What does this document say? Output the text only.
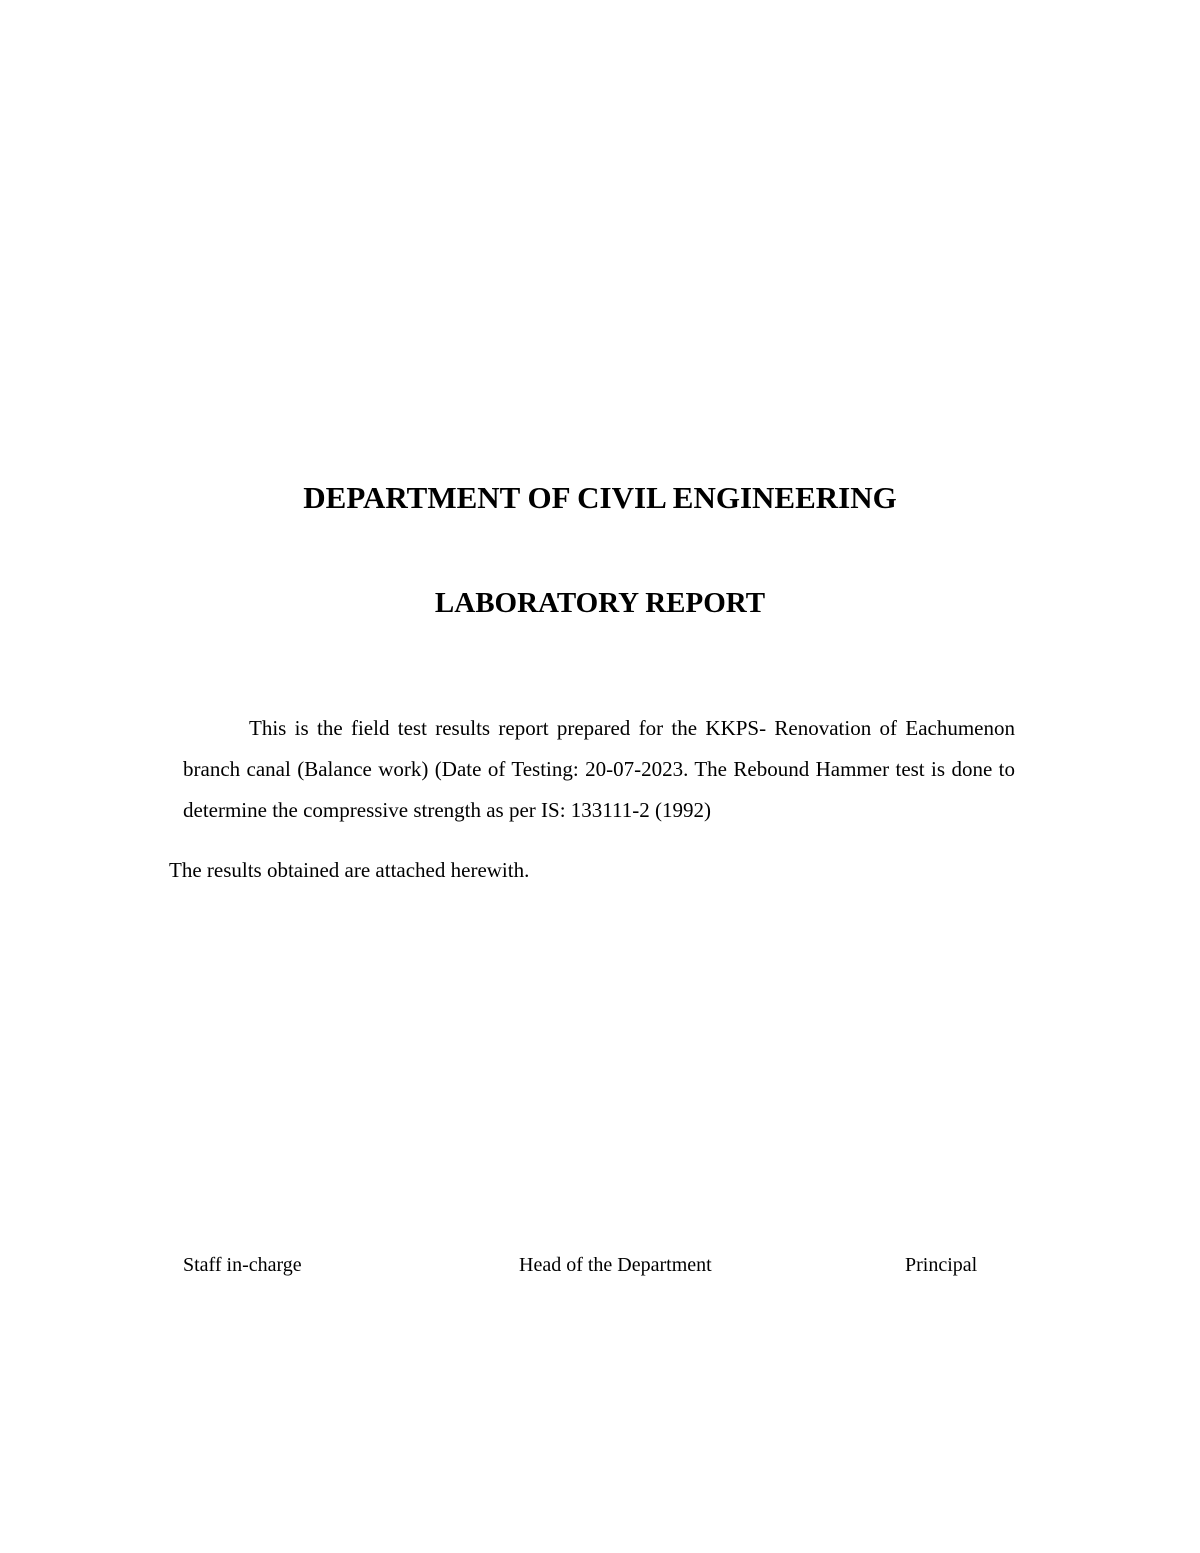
DEPARTMENT OF CIVIL ENGINEERING
LABORATORY REPORT

This is the field test results report prepared for the KKPS- Renovation of Eachumenon branch canal (Balance work) (Date of Testing: 20-07-2023. The Rebound Hammer test is done to determine the compressive strength as per IS: 133111-2 (1992)

The results obtained are attached herewith.

Staff in-charge	Head of the Department	Principal
